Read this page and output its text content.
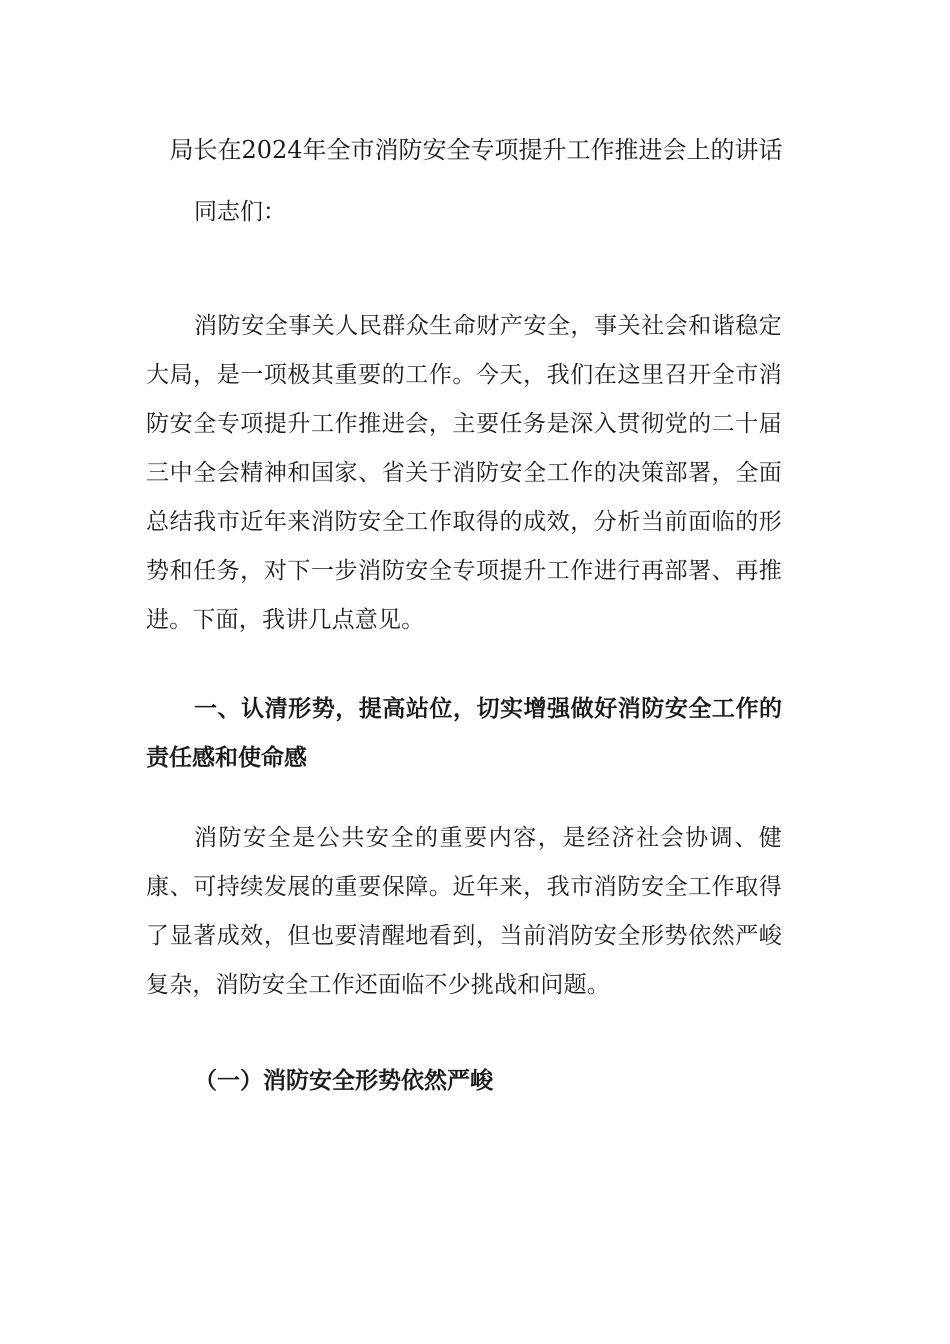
局长在2024年全市消防安全专项提升工作推进会上的讲话
同志们：
消防安全事关人民群众生命财产安全，事关社会和谐稳定大局，是一项极其重要的工作。今天，我们在这里召开全市消防安全专项提升工作推进会，主要任务是深入贯彻党的二十届三中全会精神和国家、省关于消防安全工作的决策部署，全面总结我市近年来消防安全工作取得的成效，分析当前面临的形势和任务，对下一步消防安全专项提升工作进行再部署、再推进。下面，我讲几点意见。
一、认清形势，提高站位，切实增强做好消防安全工作的责任感和使命感
消防安全是公共安全的重要内容，是经济社会协调、健康、可持续发展的重要保障。近年来，我市消防安全工作取得了显著成效，但也要清醒地看到，当前消防安全形势依然严峻复杂，消防安全工作还面临不少挑战和问题。
（一）消防安全形势依然严峻
